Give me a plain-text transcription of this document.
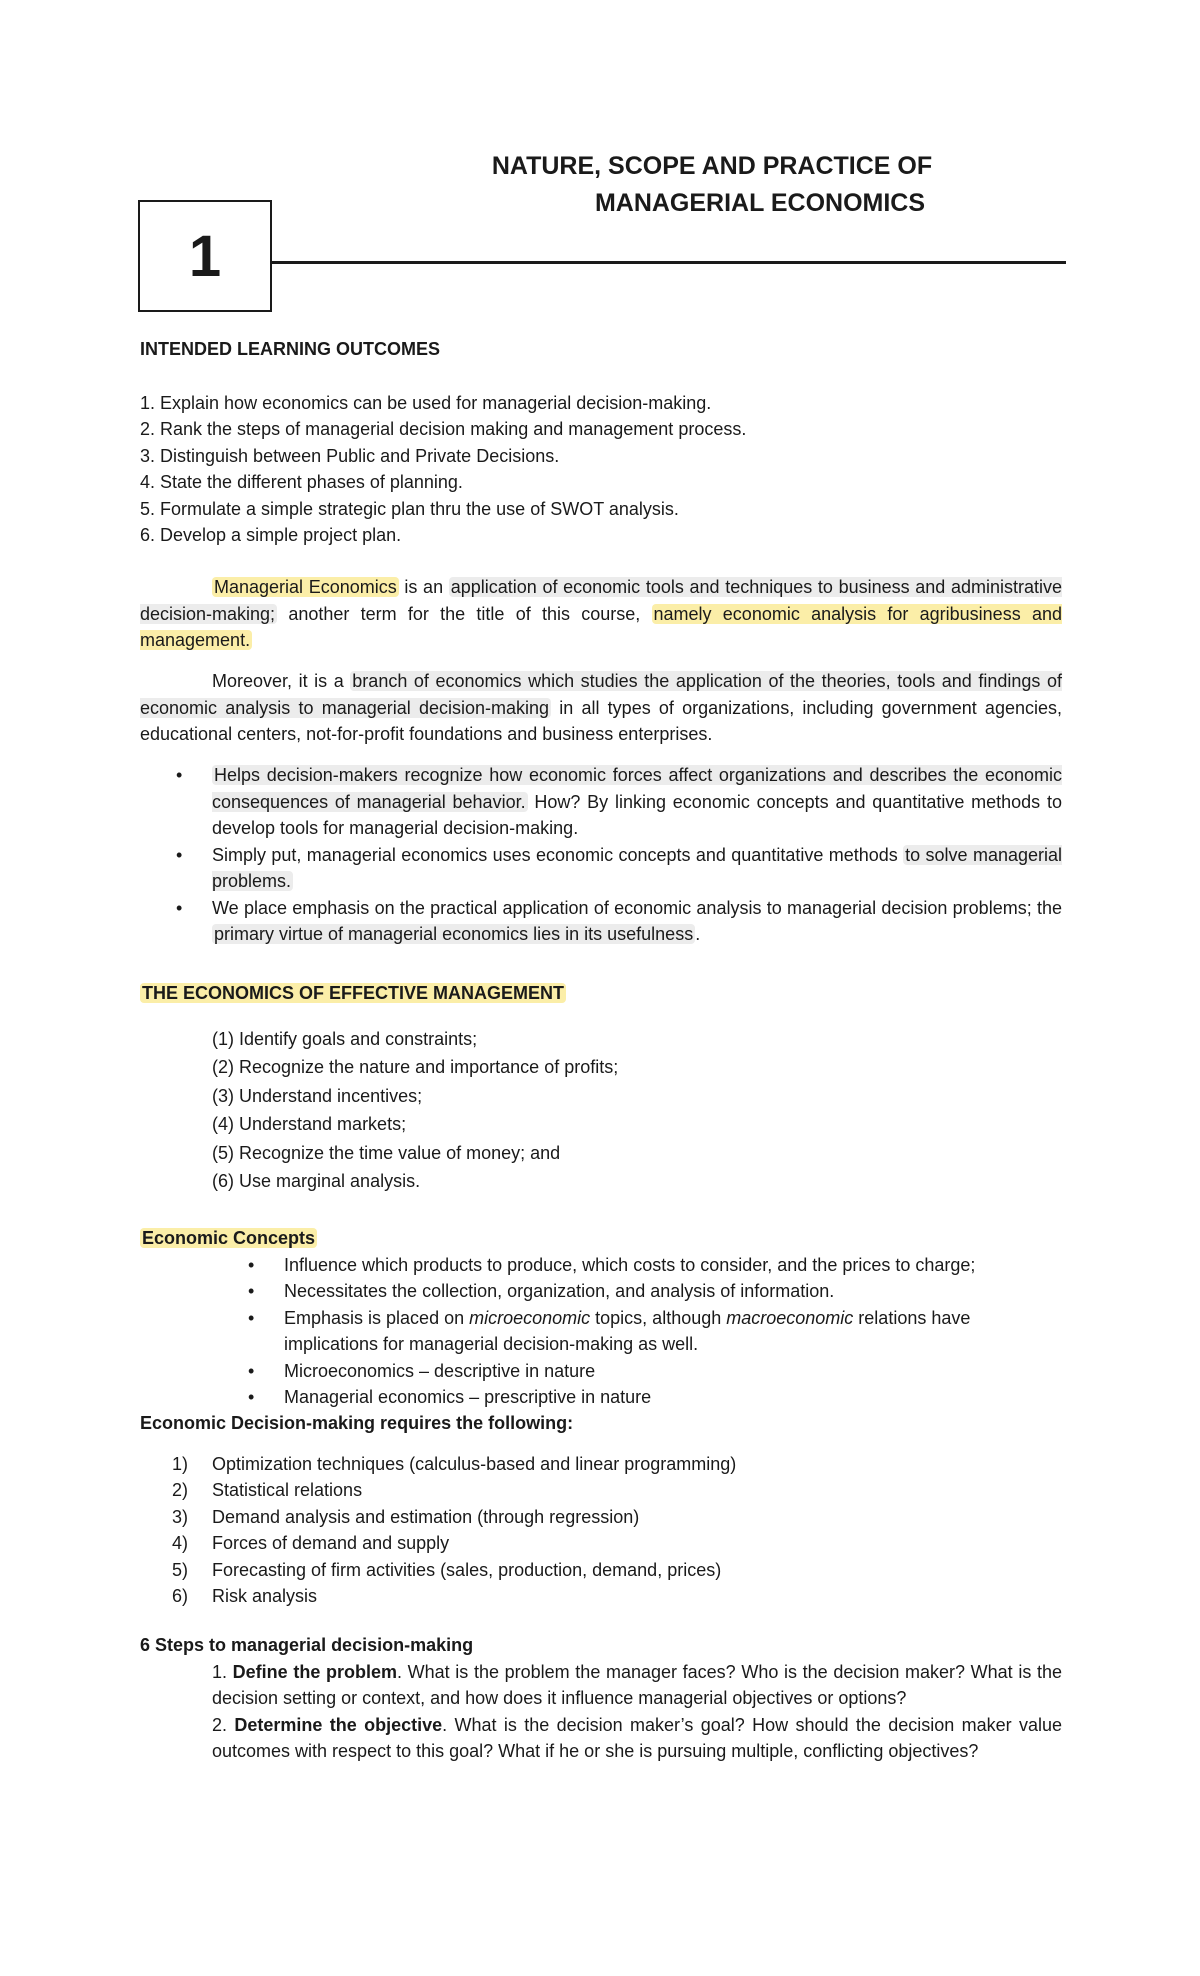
NATURE, SCOPE AND PRACTICE OF
MANAGERIAL ECONOMICS
1
INTENDED LEARNING OUTCOMES
1. Explain how economics can be used for managerial decision-making.
2. Rank the steps of managerial decision making and management process.
3. Distinguish between Public and Private Decisions.
4. State the different phases of planning.
5. Formulate a simple strategic plan thru the use of SWOT analysis.
6. Develop a simple project plan.
Managerial Economics is an application of economic tools and techniques to business and administrative decision-making; another term for the title of this course, namely economic analysis for agribusiness and management.
Moreover, it is a branch of economics which studies the application of the theories, tools and findings of economic analysis to managerial decision-making in all types of organizations, including government agencies, educational centers, not-for-profit foundations and business enterprises.
• Helps decision-makers recognize how economic forces affect organizations and describes the economic consequences of managerial behavior. How? By linking economic concepts and quantitative methods to develop tools for managerial decision-making.
• Simply put, managerial economics uses economic concepts and quantitative methods to solve managerial problems.
• We place emphasis on the practical application of economic analysis to managerial decision problems; the primary virtue of managerial economics lies in its usefulness .
THE ECONOMICS OF EFFECTIVE MANAGEMENT
(1) Identify goals and constraints;
(2) Recognize the nature and importance of profits;
(3) Understand incentives;
(4) Understand markets;
(5) Recognize the time value of money; and
(6) Use marginal analysis.
Economic Concepts
• Influence which products to produce, which costs to consider, and the prices to charge;
• Necessitates the collection, organization, and analysis of information.
• Emphasis is placed on microeconomic topics, although macroeconomic relations have implications for managerial decision-making as well.
• Microeconomics – descriptive in nature
• Managerial economics – prescriptive in nature
Economic Decision-making requires the following:
1) Optimization techniques (calculus-based and linear programming)
2) Statistical relations
3) Demand analysis and estimation (through regression)
4) Forces of demand and supply
5) Forecasting of firm activities (sales, production, demand, prices)
6) Risk analysis
6 Steps to managerial decision-making
1. Define the problem. What is the problem the manager faces? Who is the decision maker? What is the decision setting or context, and how does it influence managerial objectives or options?
2. Determine the objective. What is the decision maker’s goal? How should the decision maker value outcomes with respect to this goal? What if he or she is pursuing multiple, conflicting objectives?
